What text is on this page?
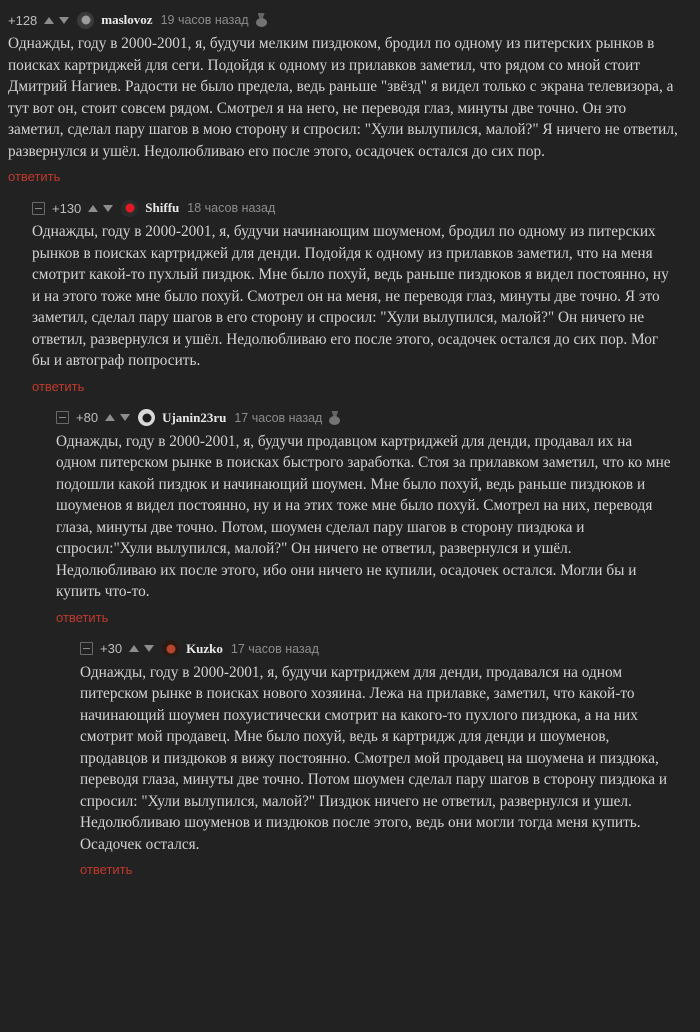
+128	maslovoz 19 часов назад
Однажды, году в 2000-2001, я, будучи мелким пиздюком, бродил по одному из питерских рынков в поисках картриджей для сеги. Подойдя к одному из прилавков заметил, что рядом со мной стоит Дмитрий Нагиев. Радости не было предела, ведь раньше "звёзд" я видел только с экрана телевизора, а тут вот он, стоит совсем рядом. Смотрел я на него, не переводя глаз, минуты две точно. Он это заметил, сделал пару шагов в мою сторону и спросил: "Хули вылупился, малой?" Я ничего не ответил, развернулся и ушёл. Недолюбливаю его после этого, осадочек остался до сих пор.
ответить
+130	Shiffu 18 часов назад
Однажды, году в 2000-2001, я, будучи начинающим шоуменом, бродил по одному из питерских рынков в поисках картриджей для денди. Подойдя к одному из прилавков заметил, что на меня смотрит какой-то пухлый пиздюк. Мне было похуй, ведь раньше пиздюков я видел постоянно, ну и на этого тоже мне было похуй. Смотрел он на меня, не переводя глаз, минуты две точно. Я это заметил, сделал пару шагов в его сторону и спросил: "Хули вылупился, малой?" Он ничего не ответил, развернулся и ушёл. Недолюбливаю его после этого, осадочек остался до сих пор. Мог бы и автограф попросить.
ответить
+80	Ujanin23ru 17 часов назад
Однажды, году в 2000-2001, я, будучи продавцом картриджей для денди, продавал их на одном питерском рынке в поисках быстрого заработка. Стоя за прилавком заметил, что ко мне подошли какой пиздюк и начинающий шоумен. Мне было похуй, ведь раньше пиздюков и шоуменов я видел постоянно, ну и на этих тоже мне было похуй. Смотрел на них, переводя глаза, минуты две точно. Потом, шоумен сделал пару шагов в сторону пиздюка и спросил:"Хули вылупился, малой?" Он ничего не ответил, развернулся и ушёл. Недолюбливаю их после этого, ибо они ничего не купили, осадочек остался. Могли бы и купить что-то.
ответить
+30	Kuzko 17 часов назад
Однажды, году в 2000-2001, я, будучи картриджем для денди, продавался на одном питерском рынке в поисках нового хозяина. Лежа на прилавке, заметил, что какой-то начинающий шоумен похуистически смотрит на какого-то пухлого пиздюка, а на них смотрит мой продавец. Мне было похуй, ведь я картридж для денди и шоуменов, продавцов и пиздюков я вижу постоянно. Смотрел мой продавец на шоумена и пиздюка, переводя глаза, минуты две точно. Потом шоумен сделал пару шагов в сторону пиздюка и спросил: "Хули вылупился, малой?" Пиздюк ничего не ответил, развернулся и ушел. Недолюбливаю шоуменов и пиздюков после этого, ведь они могли тогда меня купить. Осадочек остался.
ответить
